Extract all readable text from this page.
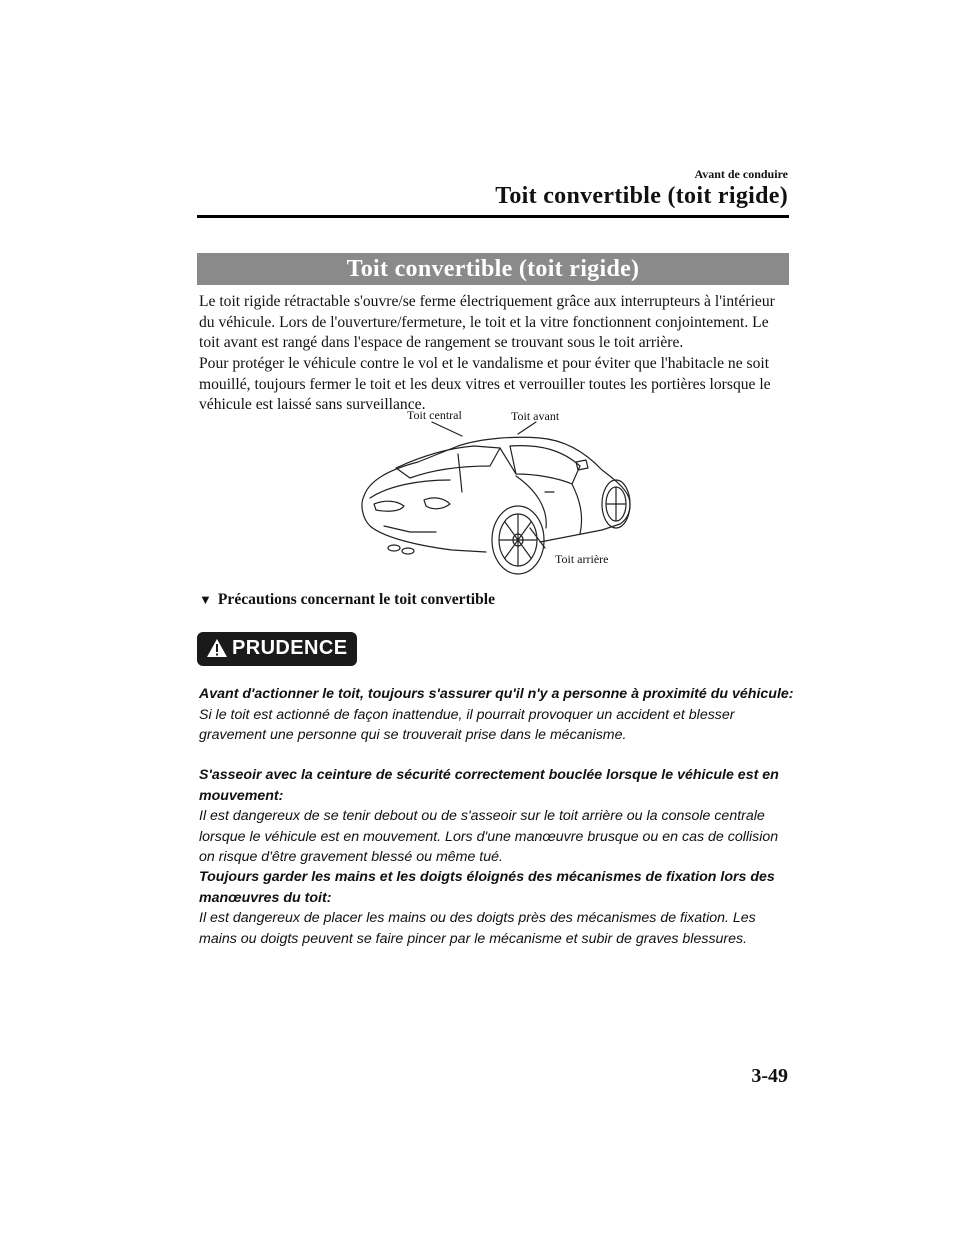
Avant de conduire
Toit convertible (toit rigide)
Toit convertible (toit rigide)
Le toit rigide rétractable s'ouvre/se ferme électriquement grâce aux interrupteurs à l'intérieur du véhicule. Lors de l'ouverture/fermeture, le toit et la vitre fonctionnent conjointement. Le toit avant est rangé dans l'espace de rangement se trouvant sous le toit arrière.
Pour protéger le véhicule contre le vol et le vandalisme et pour éviter que l'habitacle ne soit mouillé, toujours fermer le toit et les deux vitres et verrouiller toutes les portières lorsque le véhicule est laissé sans surveillance.
Toit central	Toit avant
Toit arrière
▼ Précautions concernant le toit convertible
PRUDENCE
Avant d'actionner le toit, toujours s'assurer qu'il n'y a personne à proximité du véhicule:
Si le toit est actionné de façon inattendue, il pourrait provoquer un accident et blesser gravement une personne qui se trouverait prise dans le mécanisme.
S'asseoir avec la ceinture de sécurité correctement bouclée lorsque le véhicule est en mouvement:
Il est dangereux de se tenir debout ou de s'asseoir sur le toit arrière ou la console centrale lorsque le véhicule est en mouvement. Lors d'une manœuvre brusque ou en cas de collision on risque d'être gravement blessé ou même tué.
Toujours garder les mains et les doigts éloignés des mécanismes de fixation lors des manœuvres du toit:
Il est dangereux de placer les mains ou des doigts près des mécanismes de fixation. Les mains ou doigts peuvent se faire pincer par le mécanisme et subir de graves blessures.
3-49
